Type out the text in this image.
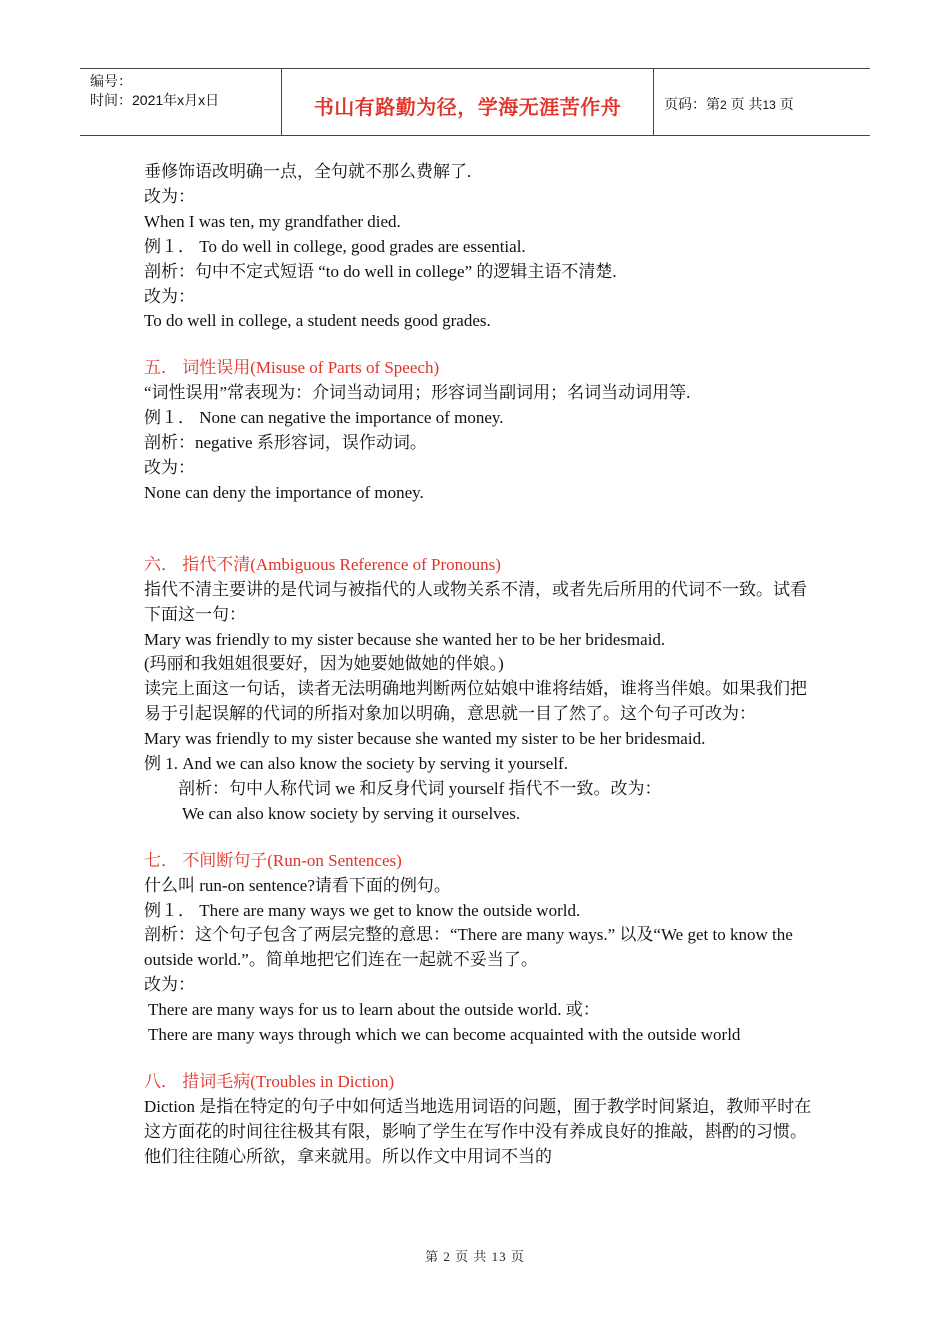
编号：
时间：2021年x月x日	书山有路勤为径，学海无涯苦作舟	页码：第2 页 共13 页
垂修饰语改明确一点，全句就不那么费解了.
改为：
When I was ten, my grandfather died.
例１． To do well in college, good grades are essential.
剖析：句中不定式短语 “to do well in college” 的逻辑主语不清楚.
改为：
To do well in college, a student needs good grades.
五． 词性误用(Misuse of Parts of Speech)
“词性误用”常表现为：介词当动词用；形容词当副词用；名词当动词用等.
例１． None can negative the importance of money.
剖析：negative 系形容词，误作动词。
改为：
None can deny the importance of money.
六． 指代不清(Ambiguous Reference of Pronouns)
指代不清主要讲的是代词与被指代的人或物关系不清，或者先后所用的代词不一致。试看下面这一句：
Mary was friendly to my sister because she wanted her to be her bridesmaid.
(玛丽和我姐姐很要好，因为她要她做她的伴娘。)
读完上面这一句话，读者无法明确地判断两位姑娘中谁将结婚，谁将当伴娘。如果我们把易于引起误解的代词的所指对象加以明确，意思就一目了然了。这个句子可改为：
Mary was friendly to my sister because she wanted my sister to be her bridesmaid.
例 1. And we can also know the society by serving it yourself.
剖析：句中人称代词 we 和反身代词 yourself 指代不一致。改为：
We can also know society by serving it ourselves.
七． 不间断句子(Run-on Sentences)
什么叫 run-on sentence?请看下面的例句。
例１． There are many ways we get to know the outside world.
剖析：这个句子包含了两层完整的意思：“There are many ways.” 以及“We get to know the outside world.”。简单地把它们连在一起就不妥当了。
改为：
There are many ways for us to learn about the outside world. 或：
There are many ways through which we can become acquainted with the outside world
八． 措词毛病(Troubles in Diction)
Diction 是指在特定的句子中如何适当地选用词语的问题，囿于教学时间紧迫，教师平时在这方面花的时间往往极其有限，影响了学生在写作中没有养成良好的推敲，斟酌的习惯。他们往往随心所欲，拿来就用。所以作文中用词不当的
第 2 页 共 13 页
